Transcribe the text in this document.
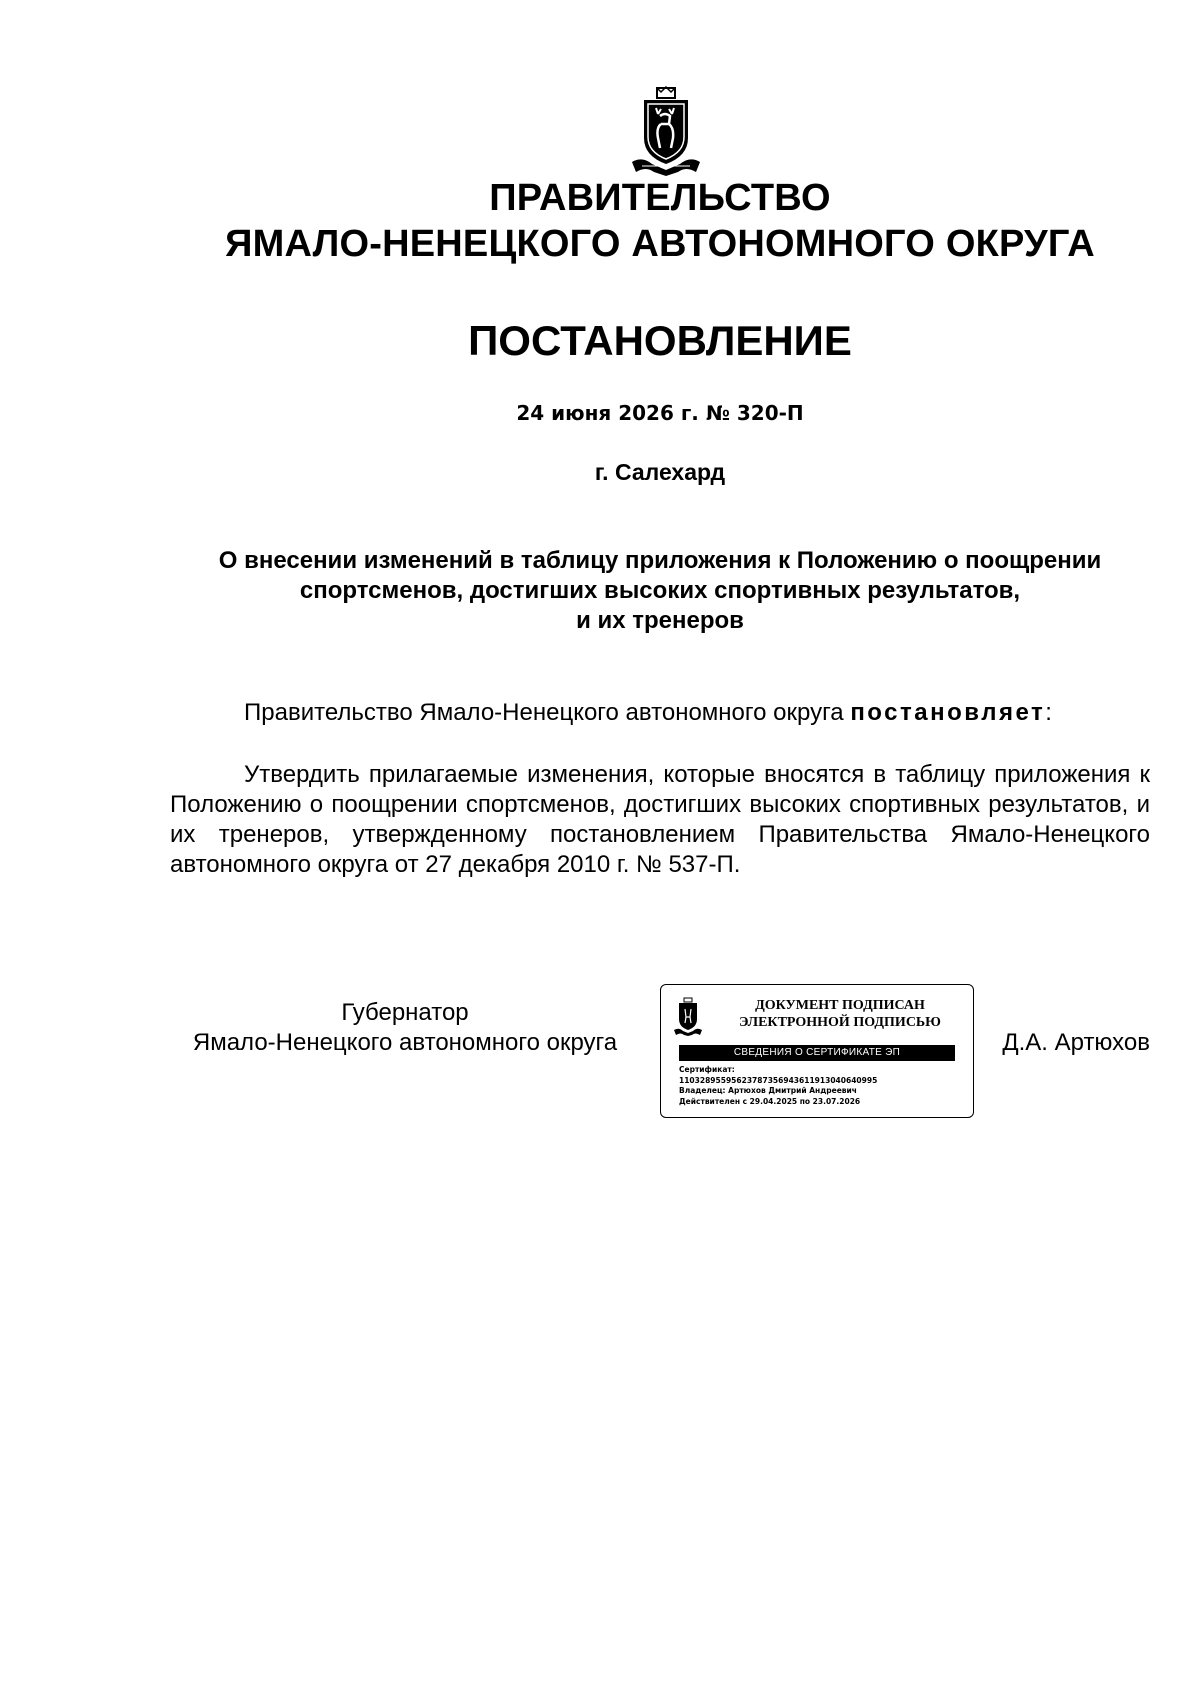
ПРАВИТЕЛЬСТВО
ЯМАЛО-НЕНЕЦКОГО АВТОНОМНОГО ОКРУГА
ПОСТАНОВЛЕНИЕ
24 июня 2026 г. № 320-П
г. Салехард
О внесении изменений в таблицу приложения к Положению о поощрении
спортсменов, достигших высоких спортивных результатов,
и их тренеров
Правительство Ямало-Ненецкого автономного округа постановляет:
Утвердить прилагаемые изменения, которые вносятся в таблицу приложения к Положению о поощрении спортсменов, достигших высоких спортивных результатов, и их тренеров, утвержденному постановлением Правительства Ямало-Ненецкого автономного округа от 27 декабря 2010 г. № 537-П.
Губернатор
Ямало-Ненецкого автономного округа
ДОКУМЕНТ ПОДПИСАН
ЭЛЕКТРОННОЙ ПОДПИСЬЮ
СВЕДЕНИЯ О СЕРТИФИКАТЕ ЭП
Сертификат:
11032895595623787356943611913040640995
Владелец: Артюхов Дмитрий Андреевич
Действителен с 29.04.2025 по 23.07.2026
Д.А. Артюхов
